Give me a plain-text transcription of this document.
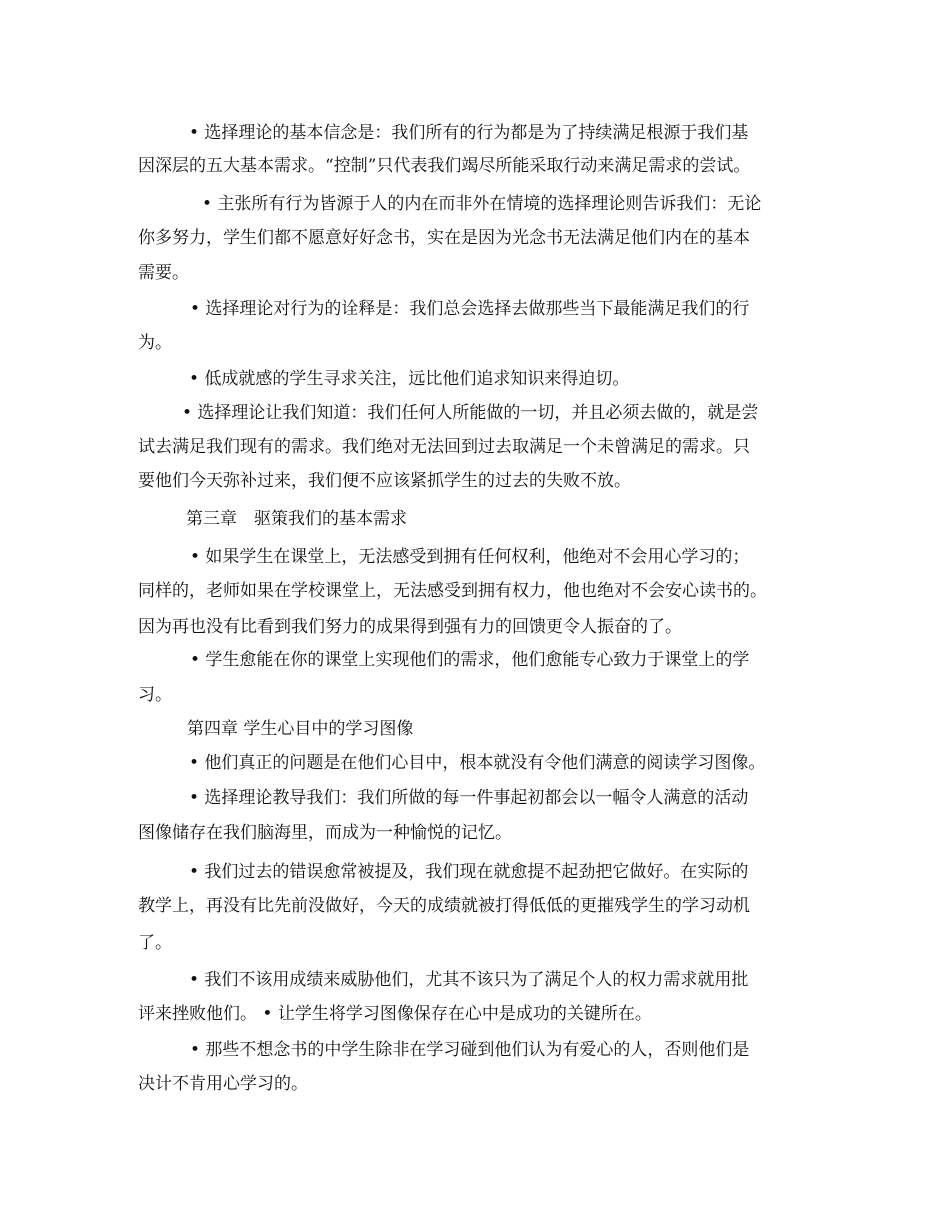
• 选择理论的基本信念是：我们所有的行为都是为了持续满足根源于我们基
因深层的五大基本需求。“控制”只代表我们竭尽所能采取行动来满足需求的尝试。
• 主张所有行为皆源于人的内在而非外在情境的选择理论则告诉我们：无论
你多努力，学生们都不愿意好好念书，实在是因为光念书无法满足他们内在的基本
需要。
• 选择理论对行为的诠释是：我们总会选择去做那些当下最能满足我们的行
为。
• 低成就感的学生寻求关注，远比他们追求知识来得迫切。
• 选择理论让我们知道：我们任何人所能做的一切，并且必须去做的，就是尝
试去满足我们现有的需求。我们绝对无法回到过去取满足一个未曾满足的需求。只
要他们今天弥补过来，我们便不应该紧抓学生的过去的失败不放。
第三章　驱策我们的基本需求
• 如果学生在课堂上，无法感受到拥有任何权利，他绝对不会用心学习的；
同样的，老师如果在学校课堂上，无法感受到拥有权力，他也绝对不会安心读书的。
因为再也没有比看到我们努力的成果得到强有力的回馈更令人振奋的了。
• 学生愈能在你的课堂上实现他们的需求，他们愈能专心致力于课堂上的学
习。
第四章 学生心目中的学习图像
• 他们真正的问题是在他们心目中，根本就没有令他们满意的阅读学习图像。
• 选择理论教导我们：我们所做的每一件事起初都会以一幅令人满意的活动
图像储存在我们脑海里，而成为一种愉悦的记忆。
• 我们过去的错误愈常被提及，我们现在就愈提不起劲把它做好。在实际的
教学上，再没有比先前没做好，今天的成绩就被打得低低的更摧残学生的学习动机
了。
• 我们不该用成绩来威胁他们，尤其不该只为了满足个人的权力需求就用批
评来挫败他们。 • 让学生将学习图像保存在心中是成功的关键所在。
• 那些不想念书的中学生除非在学习碰到他们认为有爱心的人，否则他们是
决计不肯用心学习的。
